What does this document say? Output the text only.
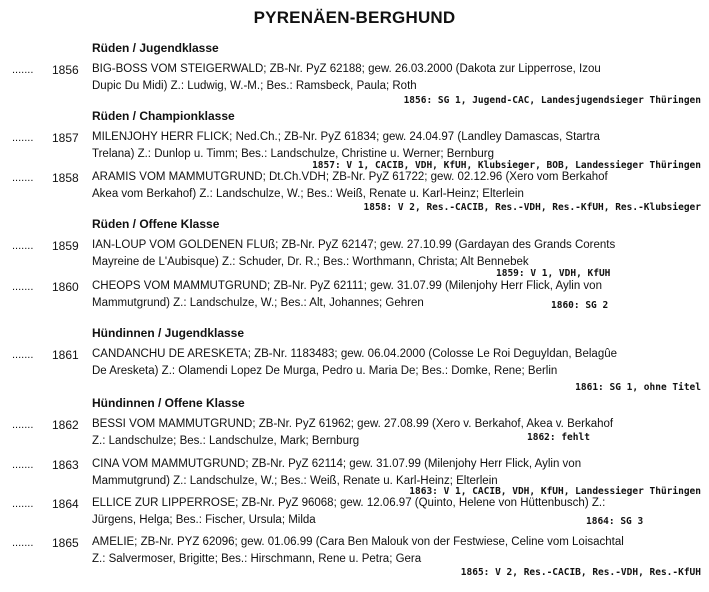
PYRENÄEN-BERGHUND
Rüden / Jugendklasse
....... 1856 BIG-BOSS VOM STEIGERWALD; ZB-Nr. PyZ 62188; gew. 26.03.2000 (Dakota zur Lipperrose, Izou
Dupic Du Midi) Z.: Ludwig, W.-M.; Bes.: Ramsbeck, Paula; Roth
1856: SG 1, Jugend-CAC, Landesjugendsieger Thüringen
Rüden / Championklasse
....... 1857 MILENJOHY HERR FLICK; Ned.Ch.; ZB-Nr. PyZ 61834; gew. 24.04.97 (Landley Damascas, Startra
Trelana) Z.: Dunlop u. Timm; Bes.: Landschulze, Christine u. Werner; Bernburg
1857: V 1, CACIB, VDH, KfUH, Klubsieger, BOB, Landessieger Thüringen
....... 1858 ARAMIS VOM MAMMUTGRUND; Dt.Ch.VDH; ZB-Nr. PyZ 61722; gew. 02.12.96 (Xero vom Berkahof
Akea vom Berkahof) Z.: Landschulze, W.; Bes.: Weiß, Renate u. Karl-Heinz; Elterlein
1858: V 2, Res.-CACIB, Res.-VDH, Res.-KfUH, Res.-Klubsieger
Rüden / Offene Klasse
....... 1859 IAN-LOUP VOM GOLDENEN FLUß; ZB-Nr. PyZ 62147; gew. 27.10.99 (Gardayan des Grands Corents
Mayreine de L'Aubisque) Z.: Schuder, Dr. R.; Bes.: Worthmann, Christa; Alt Bennebek
1859: V 1, VDH, KfUH
....... 1860 CHEOPS VOM MAMMUTGRUND; ZB-Nr. PyZ 62111; gew. 31.07.99 (Milenjohy Herr Flick, Aylin von
Mammutgrund) Z.: Landschulze, W.; Bes.: Alt, Johannes; Gehren	1860: SG 2
Hündinnen / Jugendklasse
....... 1861 CANDANCHU DE ARESKETA; ZB-Nr. 1183483; gew. 06.04.2000 (Colosse Le Roi Deguyldan, Belagûe
De Aresketa) Z.: Olamendi Lopez De Murga, Pedro u. Maria De; Bes.: Domke, Rene; Berlin
1861: SG 1, ohne Titel
Hündinnen / Offene Klasse
....... 1862 BESSI VOM MAMMUTGRUND; ZB-Nr. PyZ 61962; gew. 27.08.99 (Xero v. Berkahof, Akea v. Berkahof
Z.: Landschulze; Bes.: Landschulze, Mark; Bernburg	1862: fehlt
....... 1863 CINA VOM MAMMUTGRUND; ZB-Nr. PyZ 62114; gew. 31.07.99 (Milenjohy Herr Flick, Aylin von
Mammutgrund) Z.: Landschulze, W.; Bes.: Weiß, Renate u. Karl-Heinz; Elterlein
1863: V 1, CACIB, VDH, KfUH, Landessieger Thüringen
....... 1864 ELLICE ZUR LIPPERROSE; ZB-Nr. PyZ 96068; gew. 12.06.97 (Quinto, Helene von Hüttenbusch) Z.:
Jürgens, Helga; Bes.: Fischer, Ursula; Milda	1864: SG 3
....... 1865 AMELIE; ZB-Nr. PYZ 62096; gew. 01.06.99 (Cara Ben Malouk von der Festwiese, Celine vom Loisachtal
Z.: Salvermoser, Brigitte; Bes.: Hirschmann, Rene u. Petra; Gera
1865: V 2, Res.-CACIB, Res.-VDH, Res.-KfUH
